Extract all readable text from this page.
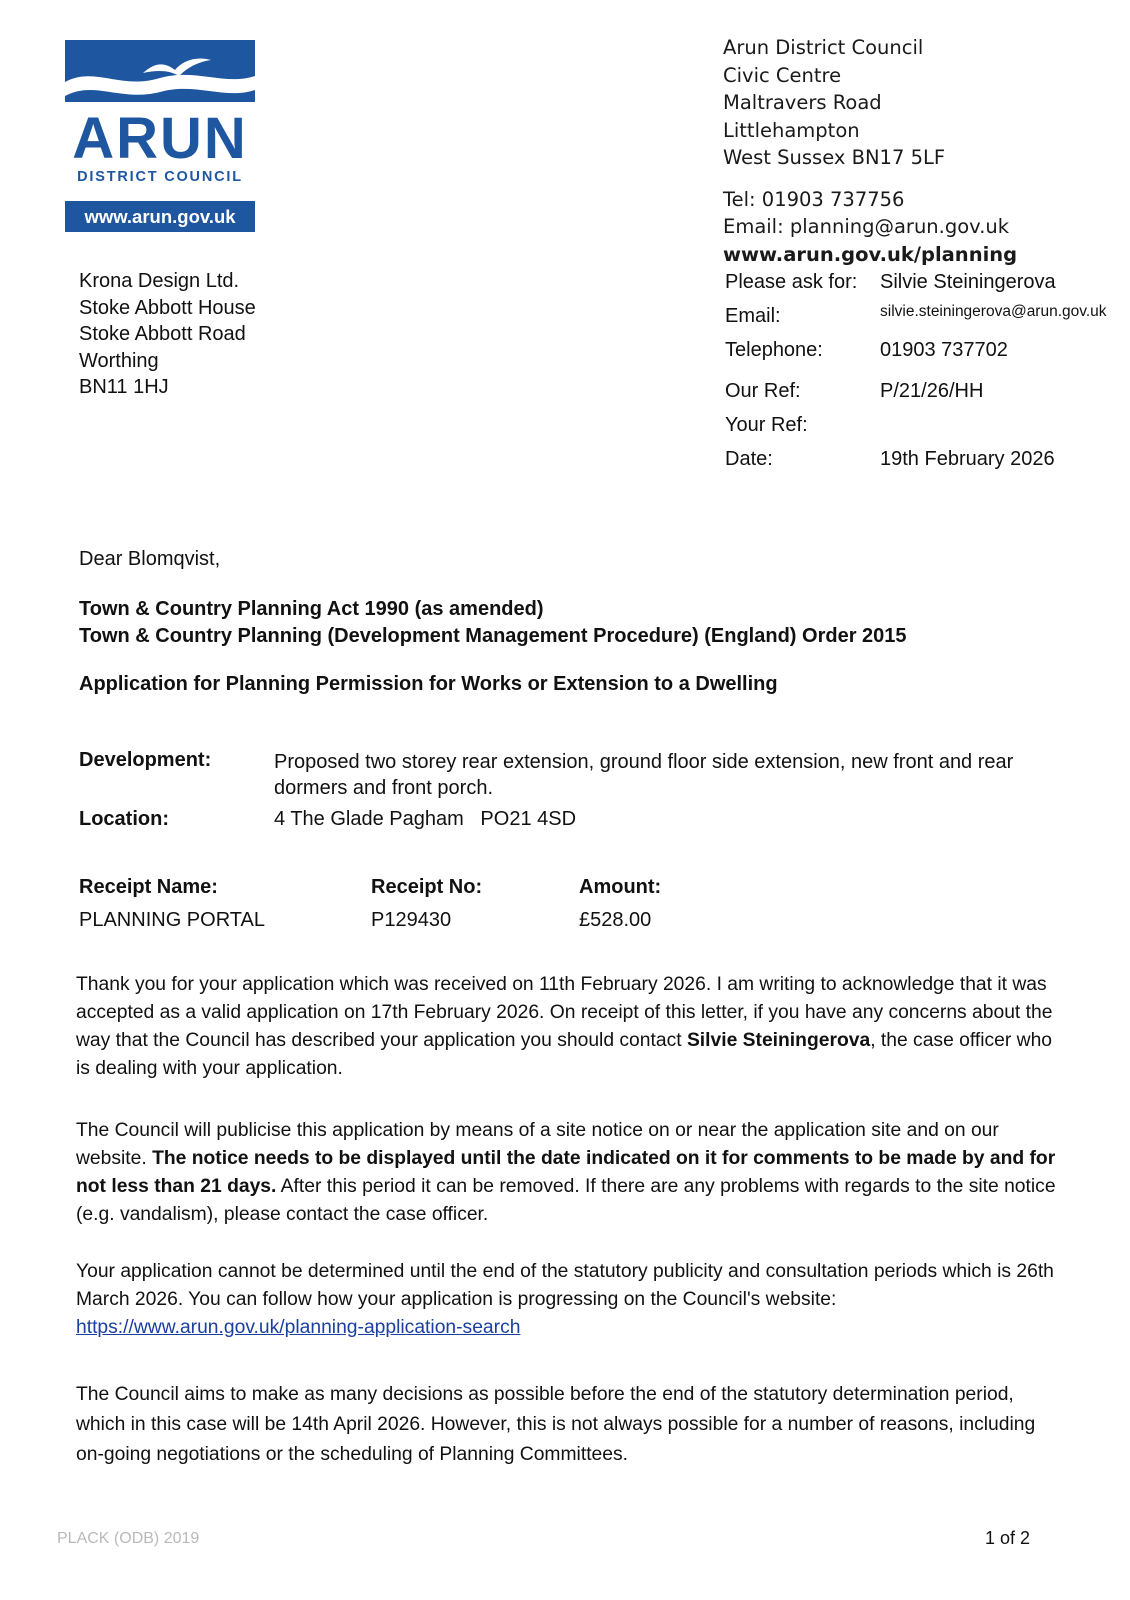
ARUN
DISTRICT COUNCIL
www.arun.gov.uk
Arun District Council
Civic Centre
Maltravers Road
Littlehampton
West Sussex BN17 5LF
Tel: 01903 737756
Email: planning@arun.gov.uk
www.arun.gov.uk/planning
Krona Design Ltd.
Stoke Abbott House
Stoke Abbott Road
Worthing
BN11 1HJ
Please ask for: Silvie Steiningerova
Email:	silvie.steiningerova@arun.gov.uk
Telephone:	01903 737702
Our Ref:	P/21/26/HH
Your Ref:
Date:	19th February 2026
Dear Blomqvist,
Town & Country Planning Act 1990 (as amended)
Town & Country Planning (Development Management Procedure) (England) Order 2015
Application for Planning Permission for Works or Extension to a Dwelling
Development:	Proposed two storey rear extension, ground floor side extension, new front and rear dormers and front porch.
Location:	4 The Glade Pagham   PO21 4SD
Receipt Name:	Receipt No:	Amount:
PLANNING PORTAL	P129430	£528.00
Thank you for your application which was received on 11th February 2026. I am writing to acknowledge that it was accepted as a valid application on 17th February 2026. On receipt of this letter, if you have any concerns about the way that the Council has described your application you should contact Silvie Steiningerova, the case officer who is dealing with your application.
The Council will publicise this application by means of a site notice on or near the application site and on our website. The notice needs to be displayed until the date indicated on it for comments to be made by and for not less than 21 days. After this period it can be removed. If there are any problems with regards to the site notice (e.g. vandalism), please contact the case officer.
Your application cannot be determined until the end of the statutory publicity and consultation periods which is 26th March 2026. You can follow how your application is progressing on the Council's website:
https://www.arun.gov.uk/planning-application-search
The Council aims to make as many decisions as possible before the end of the statutory determination period, which in this case will be 14th April 2026. However, this is not always possible for a number of reasons, including on-going negotiations or the scheduling of Planning Committees.
PLACK (ODB) 2019	1 of 2
